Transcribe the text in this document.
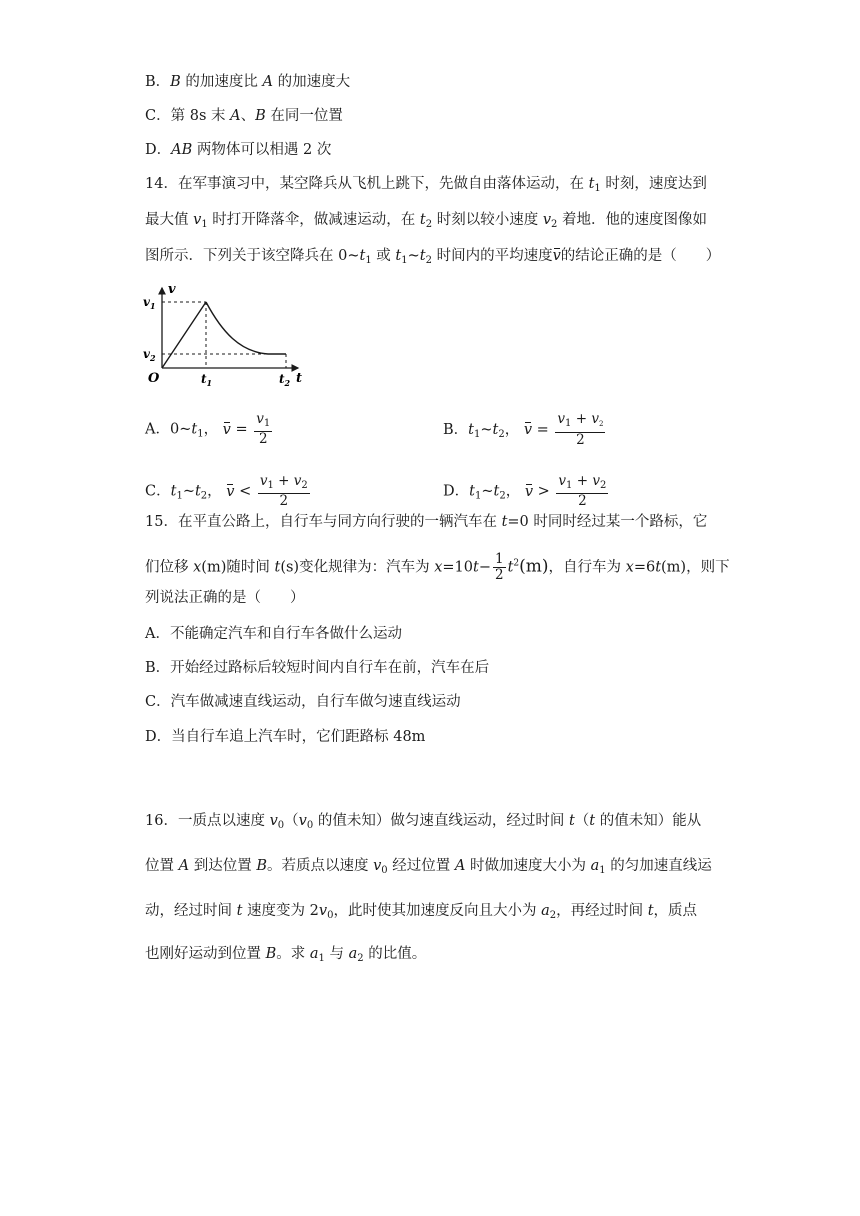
B．B 的加速度比 A 的加速度大
C．第 8s 末 A、B 在同一位置
D．AB 两物体可以相遇 2 次
14．在军事演习中，某空降兵从飞机上跳下，先做自由落体运动，在 $t_1$ 时刻，速度达到
最大值 $v_1$ 时打开降落伞，做减速运动，在 $t_2$ 时刻以较小速度 $v_2$ 着地．他的速度图像如
图所示．下列关于该空降兵在 $0\sim t_1$ 或 $t_1\sim t_2$ 时间内的平均速度v的结论正确的是（　　）
v
t
O
$v_1$
$v_2$
$t_1$	$t_2$
A．$0\sim t_1$， $v = \frac{v_1}{2}$	B．$t_1\sim t_2$， $v = \frac{v_1 + v_2}{2}$
C．$t_1\sim t_2$， $v < \frac{v_1 + v_2}{2}$	D．$t_1\sim t_2$， $v > \frac{v_1 + v_2}{2}$
15．在平直公路上，自行车与同方向行驶的一辆汽车在 t=0 时同时经过某一个路标，它
们位移 x(m)随时间 t(s)变化规律为：汽车为 $x=10t- \frac{1}{2} t^2(m)$，自行车为 x=6t(m)，则下
列说法正确的是（　　）
A．不能确定汽车和自行车各做什么运动
B．开始经过路标后较短时间内自行车在前，汽车在后
C．汽车做减速直线运动，自行车做匀速直线运动
D．当自行车追上汽车时，它们距路标 48m
16．一质点以速度 $v_0(v_0$ 的值未知）做匀速直线运动，经过时间 t（t 的值未知）能从
位置 A 到达位置 B。若质点以速度 $v_0$ 经过位置 A 时做加速度大小为 $a_1$ 的匀加速直线运
动，经过时间 t 速度变为 $2v_0$，此时使其加速度反向且大小为 $a_2$，再经过时间 t，质点
也刚好运动到位置 B。求 $a_1$ 与 $a_2$ 的比值。
